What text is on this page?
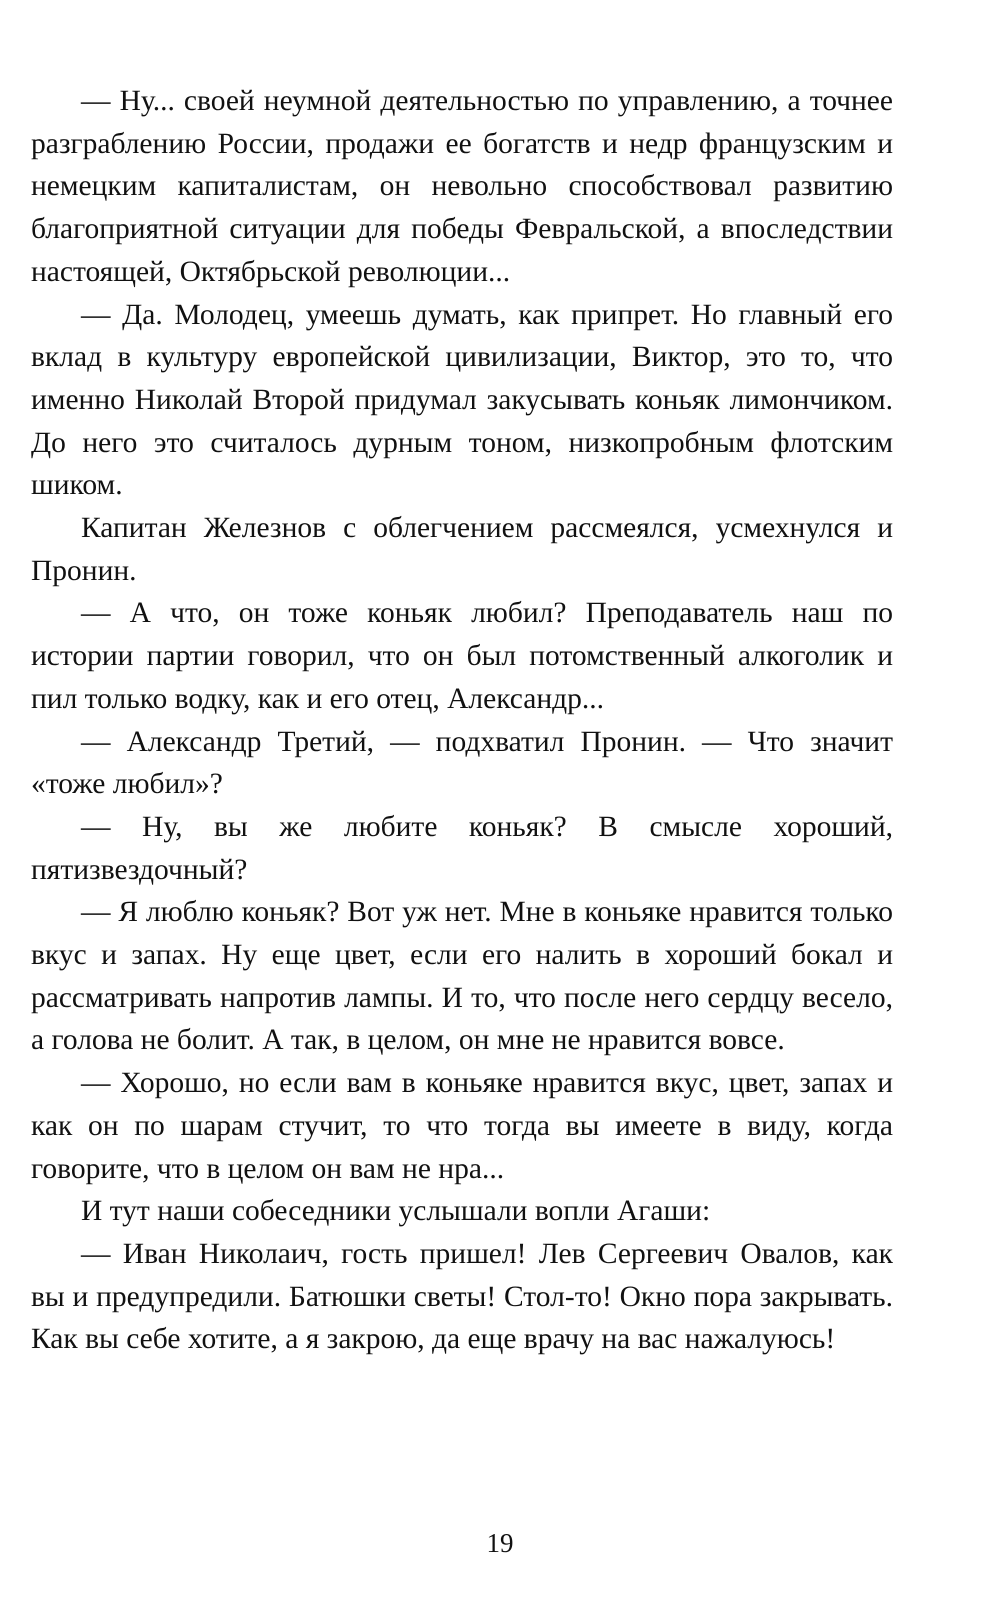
— Ну... своей неумной деятельностью по управлению, а точнее разграблению России, продажи ее богатств и недр французским и немецким капиталистам, он невольно способствовал развитию благоприятной ситуации для победы Февральской, а впоследствии настоящей, Октябрьской революции...

— Да. Молодец, умеешь думать, как припрет. Но главный его вклад в культуру европейской цивилизации, Виктор, это то, что именно Николай Второй придумал закусывать коньяк лимончиком. До него это считалось дурным тоном, низкопробным флотским шиком.

Капитан Железнов с облегчением рассмеялся, усмехнулся и Пронин.

— А что, он тоже коньяк любил? Преподаватель наш по истории партии говорил, что он был потомственный алкоголик и пил только водку, как и его отец, Александр...

— Александр Третий, — подхватил Пронин. — Что значит «тоже любил»?

— Ну, вы же любите коньяк? В смысле хороший, пятизвездочный?

— Я люблю коньяк? Вот уж нет. Мне в коньяке нравится только вкус и запах. Ну еще цвет, если его налить в хороший бокал и рассматривать напротив лампы. И то, что после него сердцу весело, а голова не болит. А так, в целом, он мне не нравится вовсе.

— Хорошо, но если вам в коньяке нравится вкус, цвет, запах и как он по шарам стучит, то что тогда вы имеете в виду, когда говорите, что в целом он вам не нра...

И тут наши собеседники услышали вопли Агаши:

— Иван Николаич, гость пришел! Лев Сергеевич Овалов, как вы и предупредили. Батюшки светы! Стол-то! Окно пора закрывать. Как вы себе хотите, а я закрою, да еще врачу на вас нажалуюсь!

19
